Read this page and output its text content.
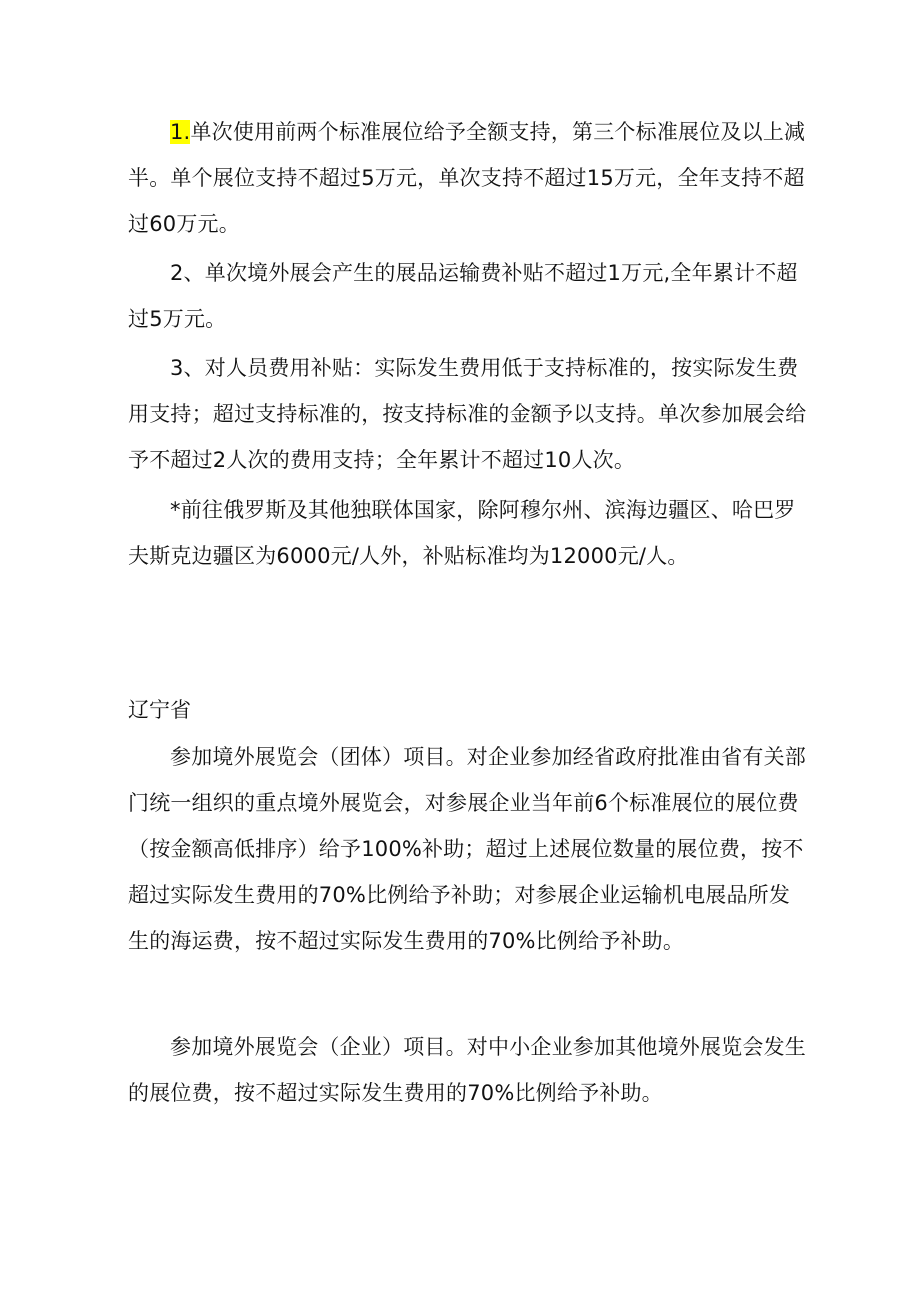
1.单次使用前两个标准展位给予全额支持，第三个标准展位及以上减半。单个展位支持不超过5万元，单次支持不超过15万元，全年支持不超过60万元。

2、单次境外展会产生的展品运输费补贴不超过1万元,全年累计不超过5万元。

3、对人员费用补贴：实际发生费用低于支持标准的，按实际发生费用支持；超过支持标准的，按支持标准的金额予以支持。单次参加展会给予不超过2人次的费用支持；全年累计不超过10人次。

*前往俄罗斯及其他独联体国家，除阿穆尔州、滨海边疆区、哈巴罗夫斯克边疆区为6000元/人外，补贴标准均为12000元/人。

辽宁省

参加境外展览会（团体）项目。对企业参加经省政府批准由省有关部门统一组织的重点境外展览会，对参展企业当年前6个标准展位的展位费（按金额高低排序）给予100%补助；超过上述展位数量的展位费，按不超过实际发生费用的70%比例给予补助；对参展企业运输机电展品所发生的海运费，按不超过实际发生费用的70%比例给予补助。

参加境外展览会（企业）项目。对中小企业参加其他境外展览会发生的展位费，按不超过实际发生费用的70%比例给予补助。
